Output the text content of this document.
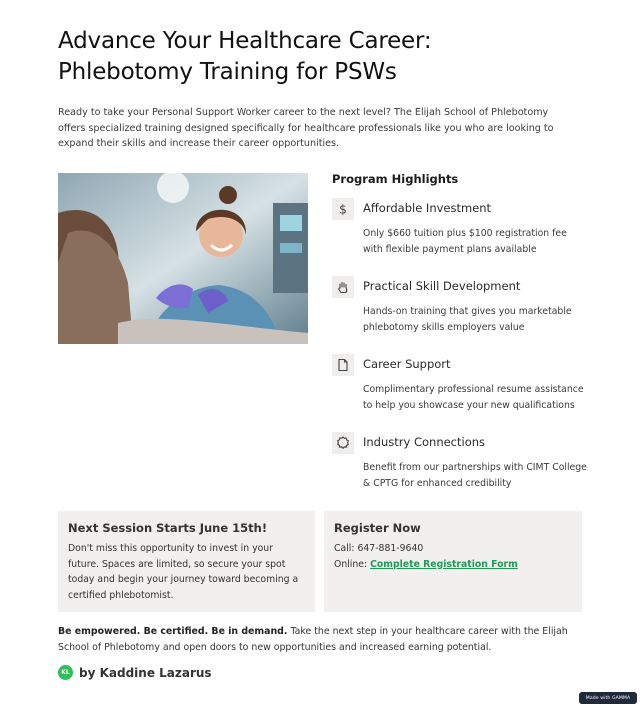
Advance Your Healthcare Career:
Phlebotomy Training for PSWs

Ready to take your Personal Support Worker career to the next level? The Elijah School of Phlebotomy offers specialized training designed specifically for healthcare professionals like you who are looking to expand their skills and increase their career opportunities.

Program Highlights
$ Affordable Investment

Only $660 tuition plus $100 registration fee with flexible payment plans available

Practical Skill Development

Hands-on training that gives you marketable phlebotomy skills employers value

Career Support

Complimentary professional resume assistance to help you showcase your new qualifications

Industry Connections

Benefit from our partnerships with CIMT College & CPTG for enhanced credibility

Next Session Starts June 15th!

Don't miss this opportunity to invest in your future. Spaces are limited, so secure your spot today and begin your journey toward becoming a certified phlebotomist.

Register Now

Call: 647-881-9640

Online: Complete Registration Form

Be empowered. Be certified. Be in demand. Take the next step in your healthcare career with the Elijah School of Phlebotomy and open doors to new opportunities and increased earning potential.

KL by Kaddine Lazarus
Made with GAMMA
